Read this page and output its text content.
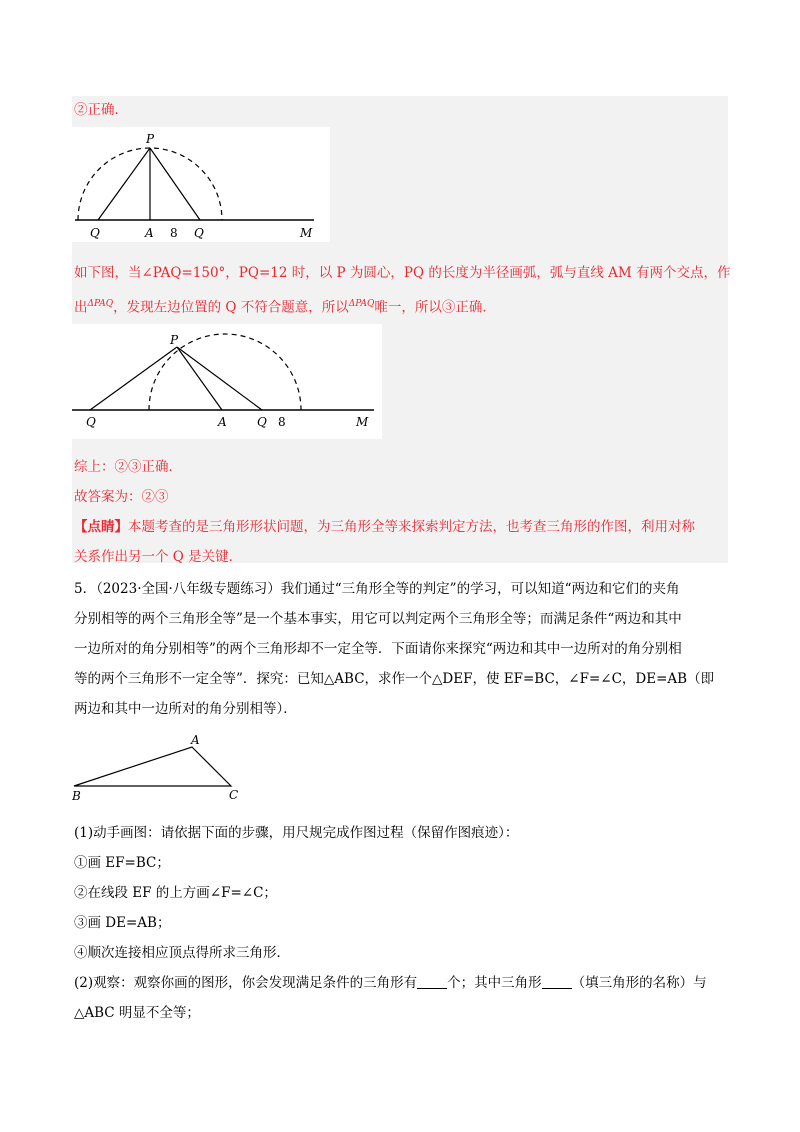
②正确．
P
Q	A 8 Q	M
如下图，当∠PAQ=150°，PQ=12 时，以 P 为圆心，PQ 的长度为半径画弧，弧与直线 AM 有两个交点，作
出$^{\Delta PAQ}$，发现左边位置的 Q 不符合题意，所以$^{\Delta PAQ}$唯一，所以③正确．
P
Q	A	Q 8	M
综上：②③正确．
故答案为：②③
【点睛】本题考查的是三角形形状问题，为三角形全等来探索判定方法，也考查三角形的作图，利用对称
关系作出另一个 Q 是关键．
5．（2023·全国·八年级专题练习）我们通过“三角形全等的判定”的学习，可以知道“两边和它们的夹角
分别相等的两个三角形全等”是一个基本事实，用它可以判定两个三角形全等；而满足条件“两边和其中
一边所对的角分别相等”的两个三角形却不一定全等．下面请你来探究“两边和其中一边所对的角分别相
等的两个三角形不一定全等”．探究：已知△ABC，求作一个△DEF，使 EF=BC，∠F=∠C，DE=AB（即
两边和其中一边所对的角分别相等）．
A
B	C
(1)动手画图：请依据下面的步骤，用尺规完成作图过程（保留作图痕迹）：
①画 EF=BC；
②在线段 EF 的上方画∠F=∠C；
③画 DE=AB；
④顺次连接相应顶点得所求三角形．
(2)观察：观察你画的图形，你会发现满足条件的三角形有 个；其中三角形 （填三角形的名称）与
△ABC 明显不全等；
